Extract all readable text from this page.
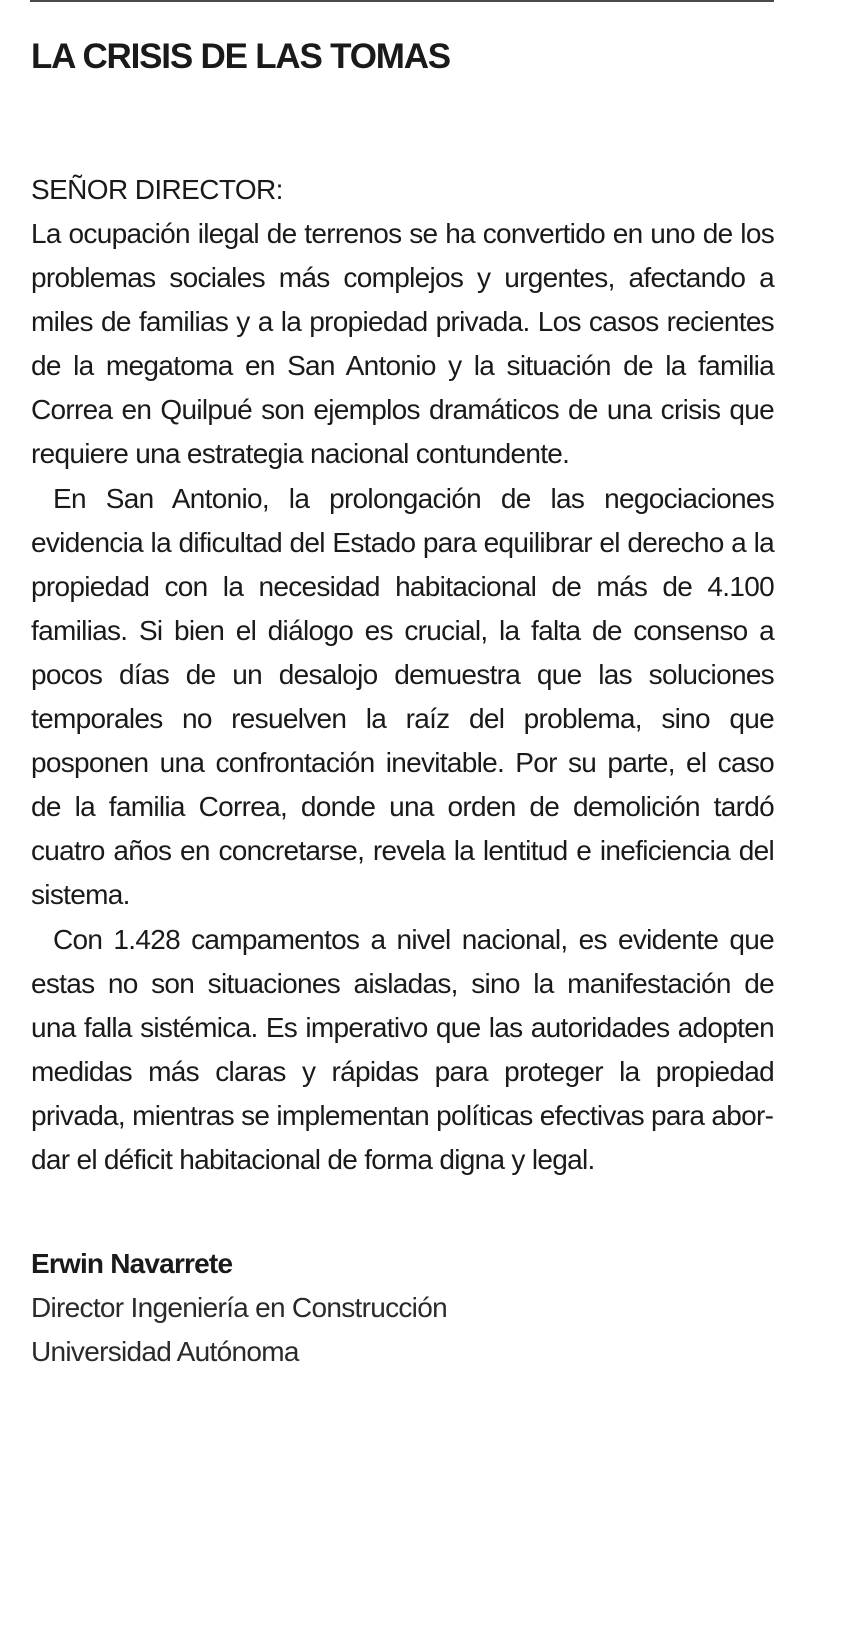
LA CRISIS DE LAS TOMAS
SEÑOR DIRECTOR:

La ocupación ilegal de terrenos se ha convertido en uno de los problemas sociales más complejos y urgentes, afectando a miles de familias y a la propiedad privada. Los casos recientes de la megatoma en San Antonio y la situación de la familia Correa en Quilpué son ejemplos dramáticos de una crisis que requiere una estrategia nacional contundente.

En San Antonio, la prolongación de las negociaciones evidencia la dificultad del Estado para equilibrar el derecho a la propiedad con la necesidad habitacional de más de 4.100 familias. Si bien el diálogo es crucial, la falta de consenso a pocos días de un desalojo demuestra que las soluciones temporales no resuelven la raíz del problema, sino que posponen una confrontación inevitable. Por su parte, el caso de la familia Correa, donde una orden de demolición tardó cuatro años en concretarse, revela la lentitud e ineficiencia del sistema.

Con 1.428 campamentos a nivel nacional, es evidente que estas no son situaciones aisladas, sino la manifestación de una falla sistémica. Es imperativo que las autoridades adopten medidas más claras y rápidas para proteger la propiedad privada, mientras se implementan políticas efectivas para abordar el déficit habitacional de forma digna y legal.

Erwin Navarrete

Director Ingeniería en Construcción

Universidad Autónoma
